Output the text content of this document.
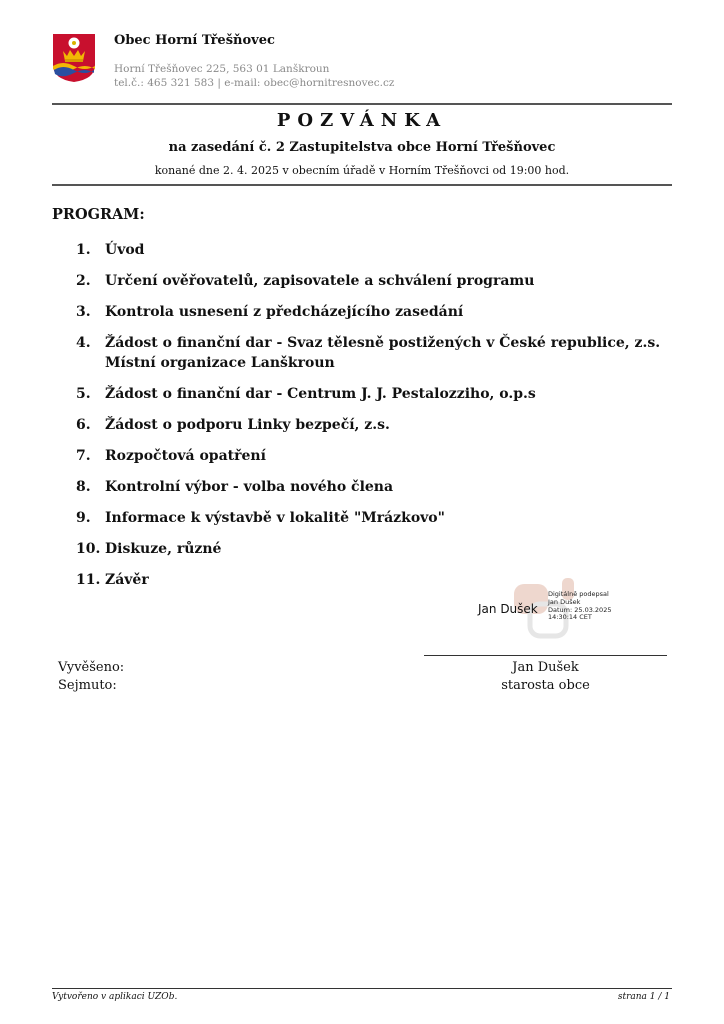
Obec Horní Třešňovec
Horní Třešňovec 225, 563 01 Lanškroun
tel.č.: 465 321 583 | e-mail: obec@hornitresnovec.cz
POZVÁNKA
na zasedání č. 2 Zastupitelstva obce Horní Třešňovec
konané dne 2. 4. 2025 v obecním úřadě v Horním Třešňovci od 19:00 hod.
PROGRAM:
1.	Úvod
2.	Určení ověřovatelů, zapisovatele a schválení programu
3.	Kontrola usnesení z předcházejícího zasedání
4.	Žádost o finanční dar - Svaz tělesně postižených v České republice, z.s. Místní organizace Lanškroun
5.	Žádost o finanční dar - Centrum J. J. Pestalozziho, o.p.s
6.	Žádost o podporu Linky bezpečí, z.s.
7.	Rozpočtová opatření
8.	Kontrolní výbor - volba nového člena
9.	Informace k výstavbě v lokalitě "Mrázkovo"
10. Diskuze, různé
11. Závěr
Jan Dušek
Digitálně podepsal
Jan Dušek
Datum: 25.03.2025
14:30:14 CET
Jan Dušek
starosta obce
Vyvěšeno:
Sejmuto:
Vytvořeno v aplikaci UZOb.	strana 1 / 1
